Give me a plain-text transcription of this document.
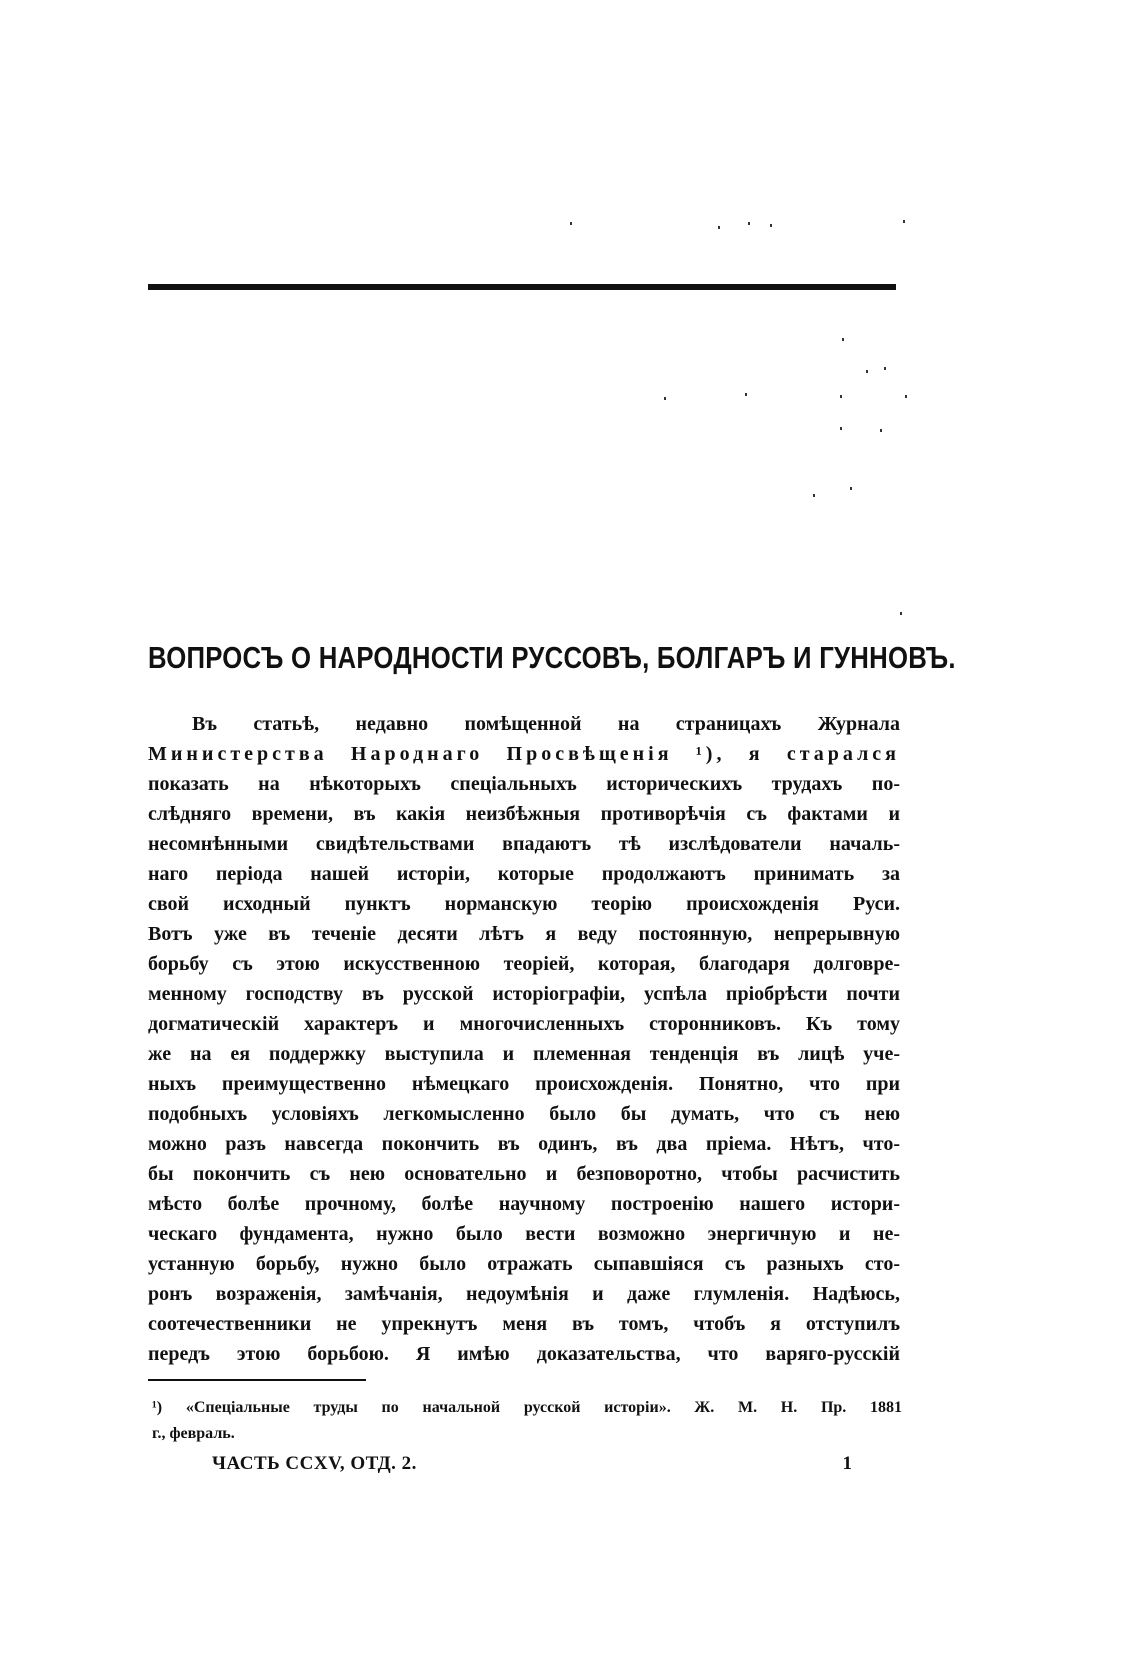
ВОПРОСЪ О НАРОДНОСТИ РУССОВЪ, БОЛГАРЪ И ГУННОВЪ.
Въ статьѣ, недавно помѣщенной на страницахъ Журнала
Министерства Народнаго Просвѣщенія ¹), я старался
показать на нѣкоторыхъ спеціальныхъ историческихъ трудахъ по-
слѣдняго времени, въ какія неизбѣжныя противорѣчія съ фактами и
несомнѣнными свидѣтельствами впадаютъ тѣ изслѣдователи началь-
наго періода нашей исторіи, которые продолжаютъ принимать за
свой исходный пунктъ норманскую теорію происхожденія Руси.
Вотъ уже въ теченіе десяти лѣтъ я веду постоянную, непрерывную
борьбу съ этою искусственною теоріей, которая, благодаря долговре-
менному господству въ русской исторіографіи, успѣла пріобрѣсти почти
догматическій характеръ и многочисленныхъ сторонниковъ. Къ тому
же на ея поддержку выступила и племенная тенденція въ лицѣ уче-
ныхъ преимущественно нѣмецкаго происхожденія. Понятно, что при
подобныхъ условіяхъ легкомысленно было бы думать, что съ нею
можно разъ навсегда покончить въ одинъ, въ два пріема. Нѣтъ, что-
бы покончить съ нею основательно и безповоротно, чтобы расчистить
мѣсто болѣе прочному, болѣе научному построенію нашего истори-
ческаго фундамента, нужно было вести возможно энергичную и не-
устанную борьбу, нужно было отражать сыпавшіяся съ разныхъ сто-
ронъ возраженія, замѣчанія, недоумѣнія и даже глумленія. Надѣюсь,
соотечественники не упрекнутъ меня въ томъ, чтобъ я отступилъ
передъ этою борьбою. Я имѣю доказательства, что варяго-русскій
¹) «Спеціальные труды по начальной русской исторіи». Ж. М. Н. Пр. 1881
г., февраль.
ЧАСТЬ CCXV, ОТД. 2.	1
